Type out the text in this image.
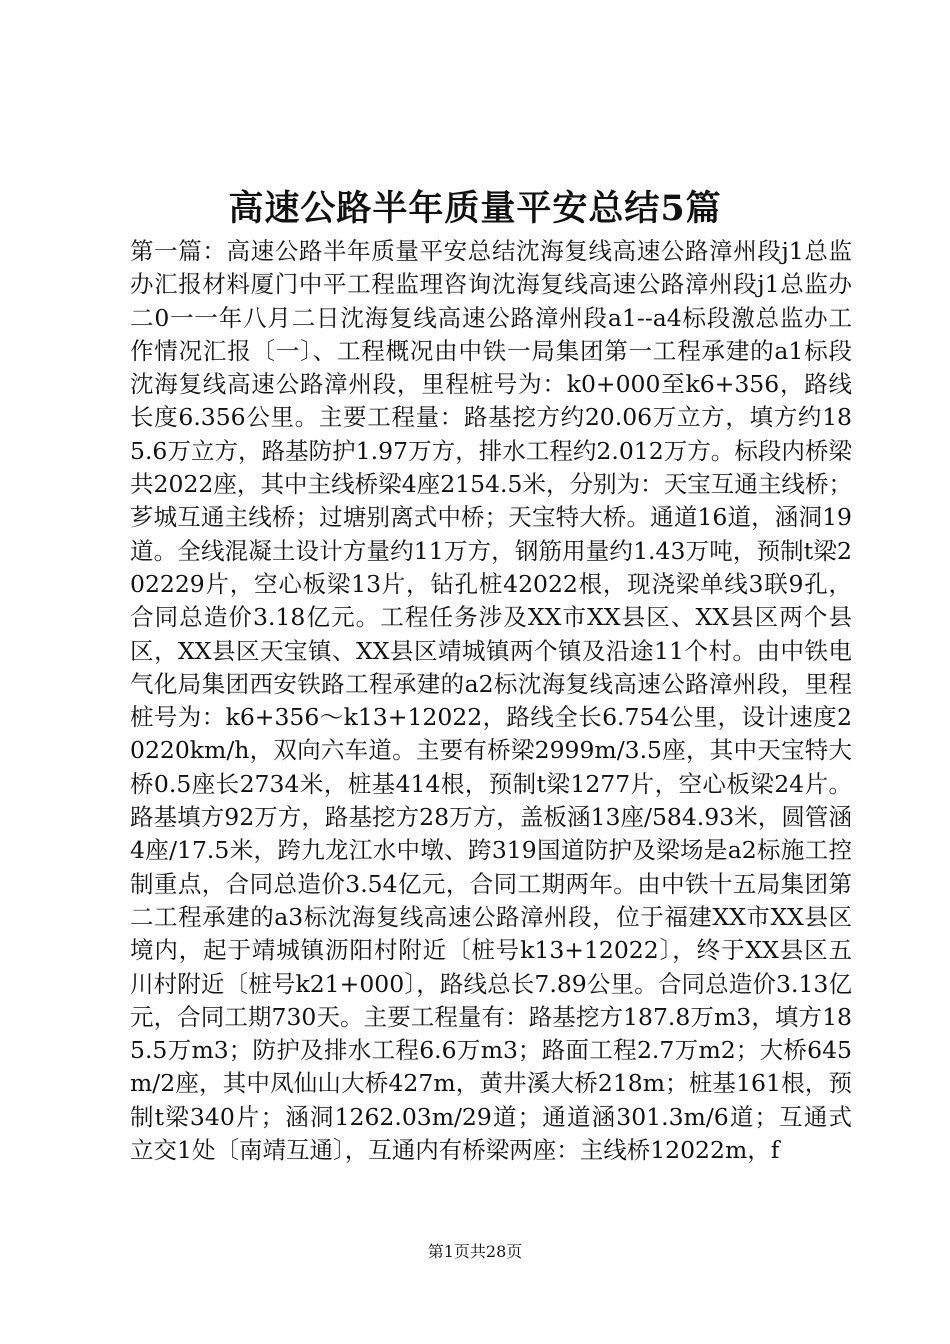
高速公路半年质量平安总结5篇

第一篇：高速公路半年质量平安总结沈海复线高速公路漳州段j1总监办汇报材料厦门中平工程监理咨询沈海复线高速公路漳州段j1总监办二0一一年八月二日沈海复线高速公路漳州段a1--a4标段激总监办工作情况汇报〔一〕、工程概况由中铁一局集团第一工程承建的a1标段沈海复线高速公路漳州段，里程桩号为：k0+000至k6+356，路线长度6.356公里。主要工程量：路基挖方约20.06万立方，填方约185.6万立方，路基防护1.97万方，排水工程约2.012万方。标段内桥梁共2022座，其中主线桥梁4座2154.5米，分别为：天宝互通主线桥；芗城互通主线桥；过塘别离式中桥；天宝特大桥。通道16道，涵洞19道。全线混凝土设计方量约11万方，钢筋用量约1.43万吨，预制t梁202229片，空心板梁13片，钻孔桩42022根，现浇梁单线3联9孔，合同总造价3.18亿元。工程任务涉及XX市XX县区、XX县区两个县区，XX县区天宝镇、XX县区靖城镇两个镇及沿途11个村。由中铁电气化局集团西安铁路工程承建的a2标沈海复线高速公路漳州段，里程桩号为：k6+356～k13+12022，路线全长6.754公里，设计速度20220km/h，双向六车道。主要有桥梁2999m/3.5座，其中天宝特大桥0.5座长2734米，桩基414根，预制t梁1277片，空心板梁24片。路基填方92万方，路基挖方28万方，盖板涵13座/584.93米，圆管涵4座/17.5米，跨九龙江水中墩、跨319国道防护及梁场是a2标施工控制重点，合同总造价3.54亿元，合同工期两年。由中铁十五局集团第二工程承建的a3标沈海复线高速公路漳州段，位于福建XX市XX县区境内，起于靖城镇沥阳村附近〔桩号k13+12022〕，终于XX县区五川村附近〔桩号k21+000〕，路线总长7.89公里。合同总造价3.13亿元，合同工期730天。主要工程量有：路基挖方187.8万m3，填方185.5万m3；防护及排水工程6.6万m3；路面工程2.7万m2；大桥645m/2座，其中凤仙山大桥427m，黄井溪大桥218m；桩基161根，预制t梁340片；涵洞1262.03m/29道；通道涵301.3m/6道；互通式立交1处〔南靖互通〕，互通内有桥梁两座：主线桥12022m，f

第1页共28页
